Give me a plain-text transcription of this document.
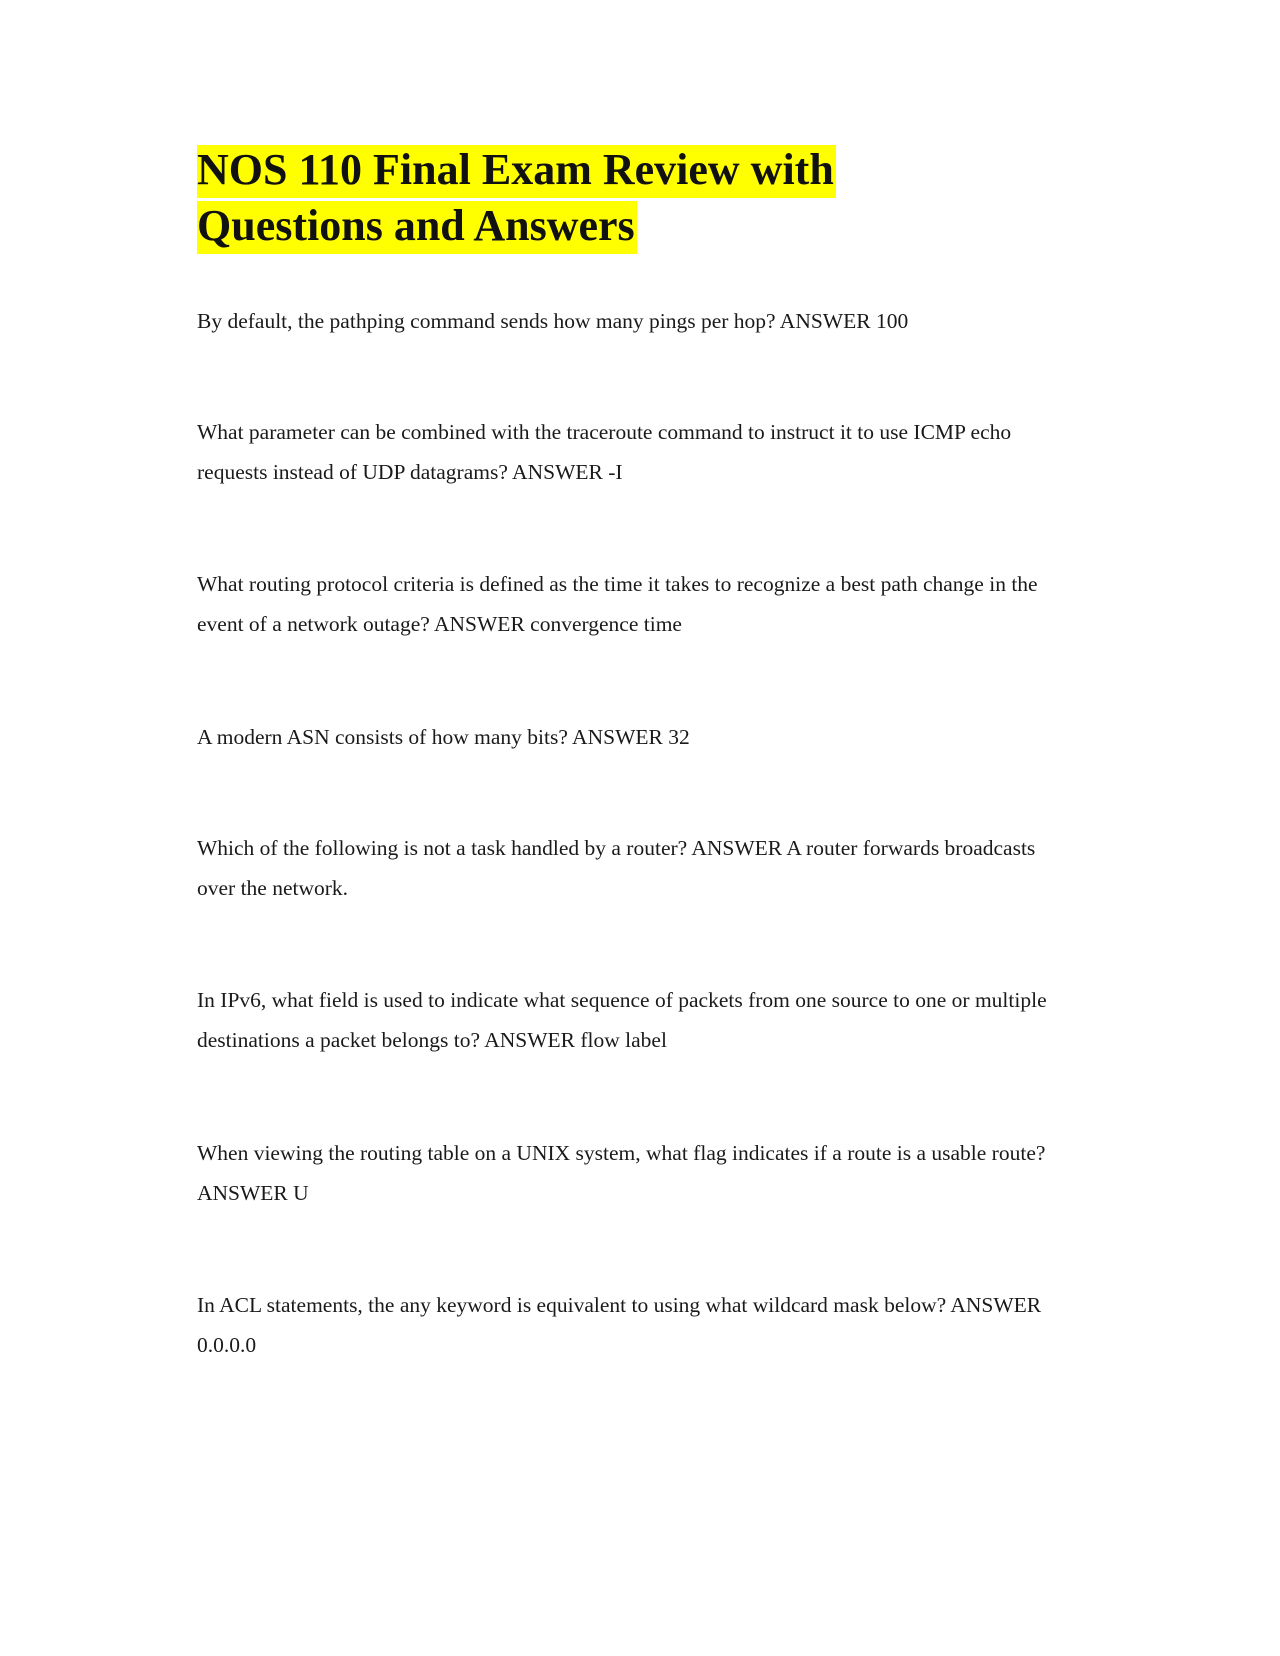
NOS 110 Final Exam Review with
Questions and Answers

By default, the pathping command sends how many pings per hop? ANSWER 100

What parameter can be combined with the traceroute command to instruct it to use ICMP echo requests instead of UDP datagrams? ANSWER -I

What routing protocol criteria is defined as the time it takes to recognize a best path change in the event of a network outage? ANSWER convergence time

A modern ASN consists of how many bits? ANSWER 32

Which of the following is not a task handled by a router? ANSWER A router forwards broadcasts over the network.

In IPv6, what field is used to indicate what sequence of packets from one source to one or multiple destinations a packet belongs to? ANSWER flow label

When viewing the routing table on a UNIX system, what flag indicates if a route is a usable route? ANSWER U

In ACL statements, the any keyword is equivalent to using what wildcard mask below? ANSWER 0.0.0.0
